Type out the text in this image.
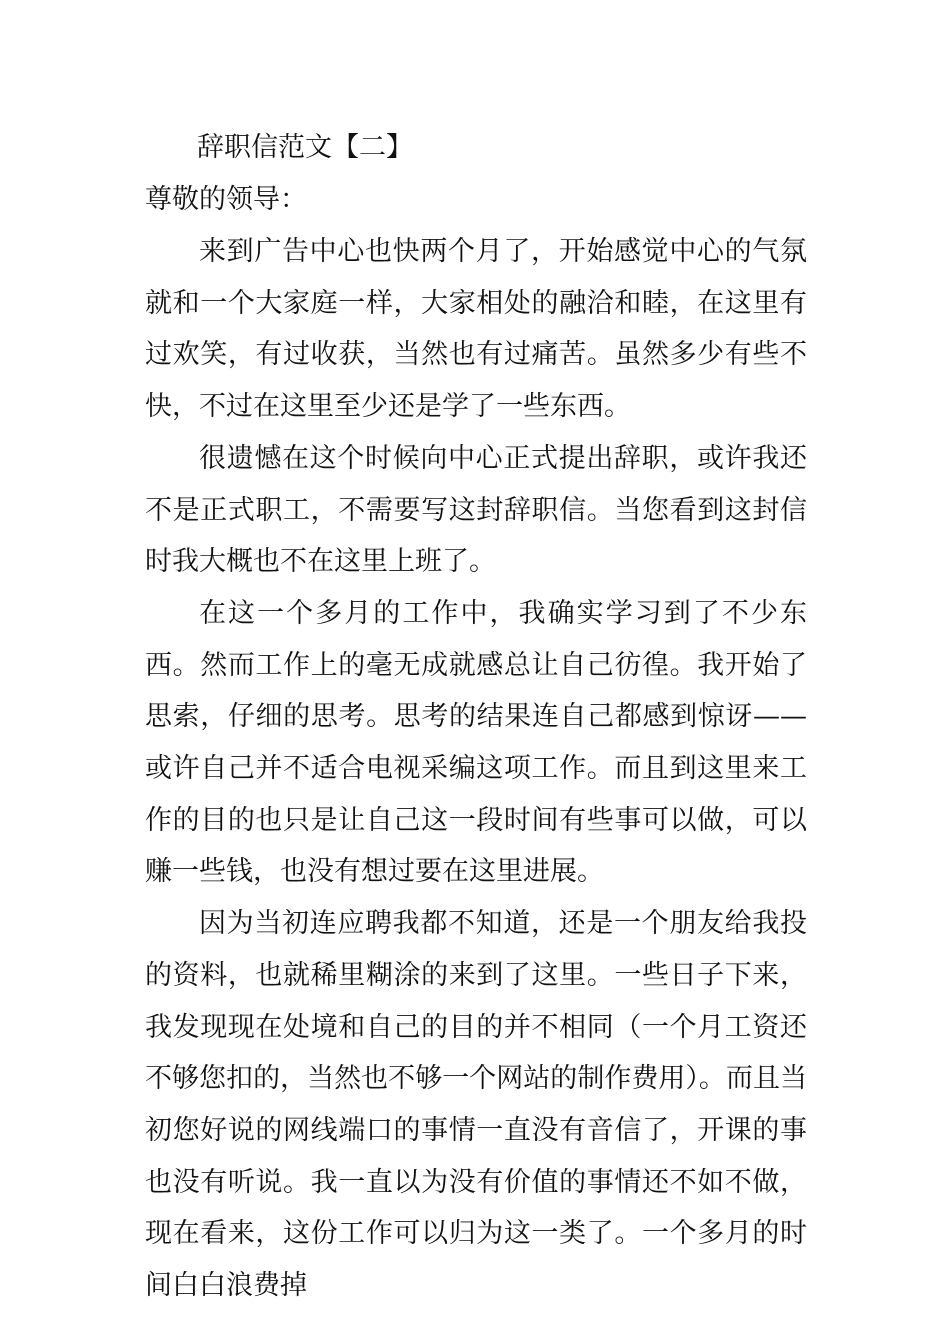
辞职信范文【二】
尊敬的领导：

来到广告中心也快两个月了，开始感觉中心的气氛就和一个大家庭一样，大家相处的融洽和睦，在这里有过欢笑，有过收获，当然也有过痛苦。虽然多少有些不快，不过在这里至少还是学了一些东西。

很遗憾在这个时候向中心正式提出辞职，或许我还不是正式职工，不需要写这封辞职信。当您看到这封信时我大概也不在这里上班了。

在这一个多月的工作中，我确实学习到了不少东西。然而工作上的毫无成就感总让自己彷徨。我开始了思索，仔细的思考。思考的结果连自己都感到惊讶——或许自己并不适合电视采编这项工作。而且到这里来工作的目的也只是让自己这一段时间有些事可以做，可以赚一些钱，也没有想过要在这里进展。

因为当初连应聘我都不知道，还是一个朋友给我投的资料，也就稀里糊涂的来到了这里。一些日子下来，我发现现在处境和自己的目的并不相同（一个月工资还不够您扣的，当然也不够一个网站的制作费用）。而且当初您好说的网线端口的事情一直没有音信了，开课的事也没有听说。我一直以为没有价值的事情还不如不做，现在看来，这份工作可以归为这一类了。一个多月的时间白白浪费掉
